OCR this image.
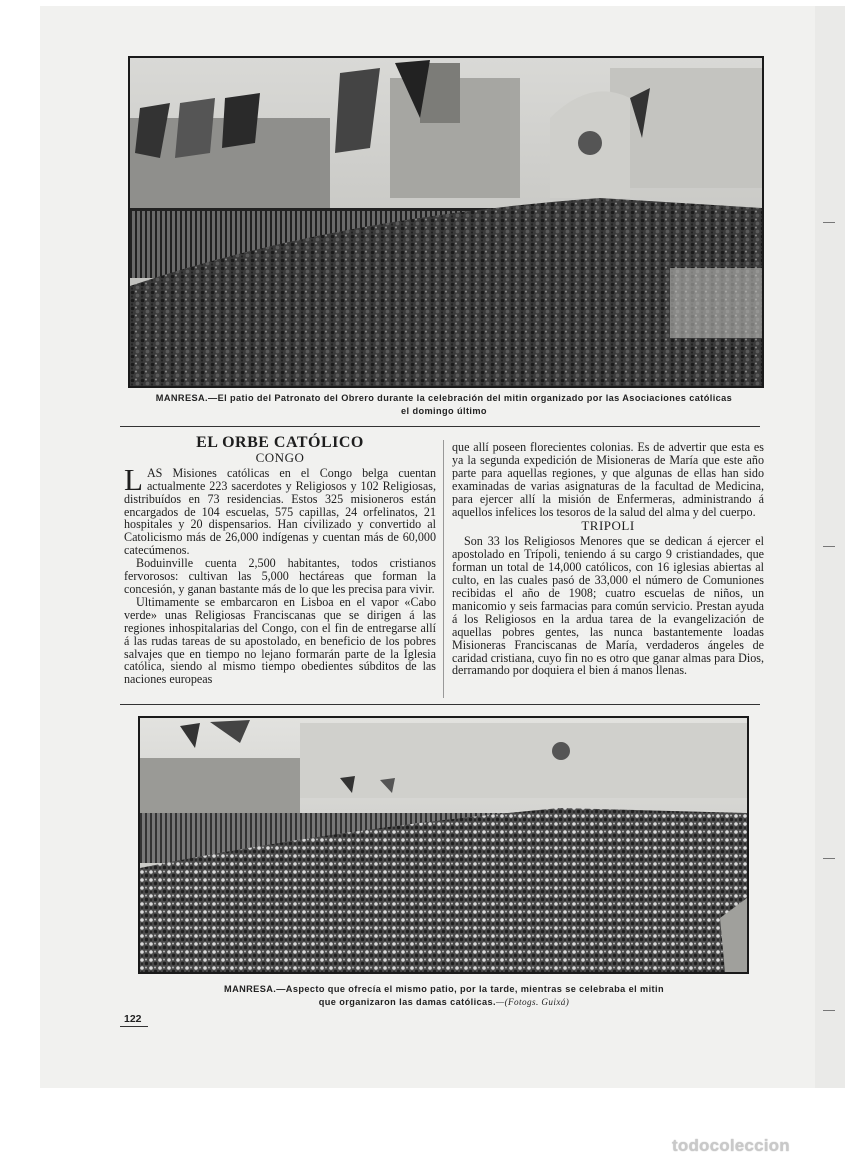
MANRESA.—El patio del Patronato del Obrero durante la celebración del mitin organizado por las Asociaciones católicas
el domingo último
EL ORBE CATÓLICO
CONGO

LAS Misiones católicas en el Congo belga cuentan actualmente 223 sacerdotes y Religiosos y 102 Religiosas, distribuídos en 73 residencias. Estos 325 misioneros están encargados de 104 escuelas, 575 capillas, 24 orfelinatos, 21 hospitales y 20 dispensarios. Han civilizado y convertido al Catolicismo más de 26,000 indígenas y cuentan más de 60,000 catecúmenos.

Boduinville cuenta 2,500 habitantes, todos cristianos fervorosos: cultivan las 5,000 hectáreas que forman la concesión, y ganan bastante más de lo que les precisa para vivir.

Ultimamente se embarcaron en Lisboa en el vapor «Cabo verde» unas Religiosas Franciscanas que se dirigen á las regiones inhospitalarias del Congo, con el fin de entregarse allí á las rudas tareas de su apostolado, en beneficio de los pobres salvajes que en tiempo no lejano formarán parte de la Iglesia católica, siendo al mismo tiempo obedientes súbditos de las naciones europeas

que allí poseen florecientes colonias. Es de advertir que esta es ya la segunda expedición de Misioneras de María que este año parte para aquellas regiones, y que algunas de ellas han sido examinadas de varias asignaturas de la facultad de Medicina, para ejercer allí la misión de Enfermeras, administrando á aquellos infelices los tesoros de la salud del alma y del cuerpo.

TRIPOLI

Son 33 los Religiosos Menores que se dedican á ejercer el apostolado en Trípoli, teniendo á su cargo 9 cristiandades, que forman un total de 14,000 católicos, con 16 iglesias abiertas al culto, en las cuales pasó de 33,000 el número de Comuniones recibidas el año de 1908; cuatro escuelas de niños, un manicomio y seis farmacias para común servicio. Prestan ayuda á los Religiosos en la ardua tarea de la evangelización de aquellas pobres gentes, las nunca bastantemente loadas Misioneras Franciscanas de María, verdaderos ángeles de caridad cristiana, cuyo fin no es otro que ganar almas para Dios, derramando por doquiera el bien á manos llenas.

MANRESA.—Aspecto que ofrecía el mismo patio, por la tarde, mientras se celebraba el mitin
que organizaron las damas católicas.—(Fotogs. Guixá)
122
todocoleccion
